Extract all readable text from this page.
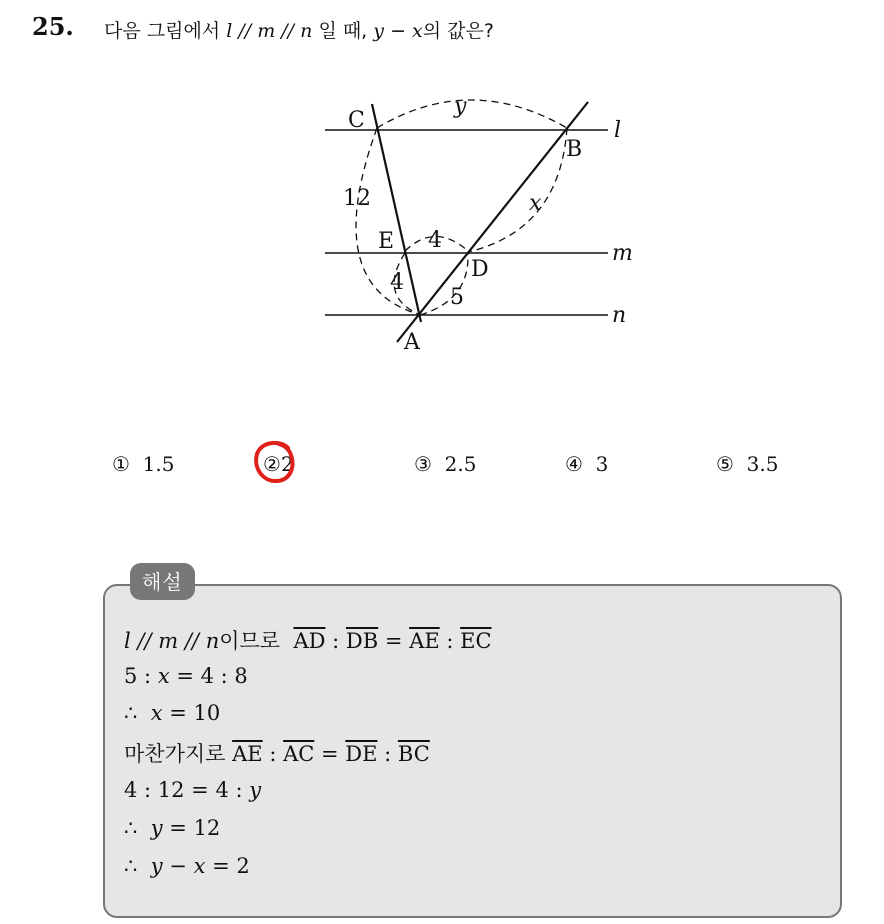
25. 다음 그림에서 l // m // n 일 때, y − x의 값은?
C
B
E
D
A
l
m
n
y
x
12
4
4
5
① 1.5	②2	③ 2.5	④ 3	⑤ 3.5
해설
l // m // n이므로 $\overline{AD}$ : $\overline{DB} = \overline{AE}$ : $\overline{EC}$
5 : x = 4 : 8
∴ x = 10
마찬가지로 $\overline{AE}$ : $\overline{AC} = \overline{DE}$ : $\overline{BC}$
4 : 12 = 4 : y
∴ y = 12
∴ y − x = 2
